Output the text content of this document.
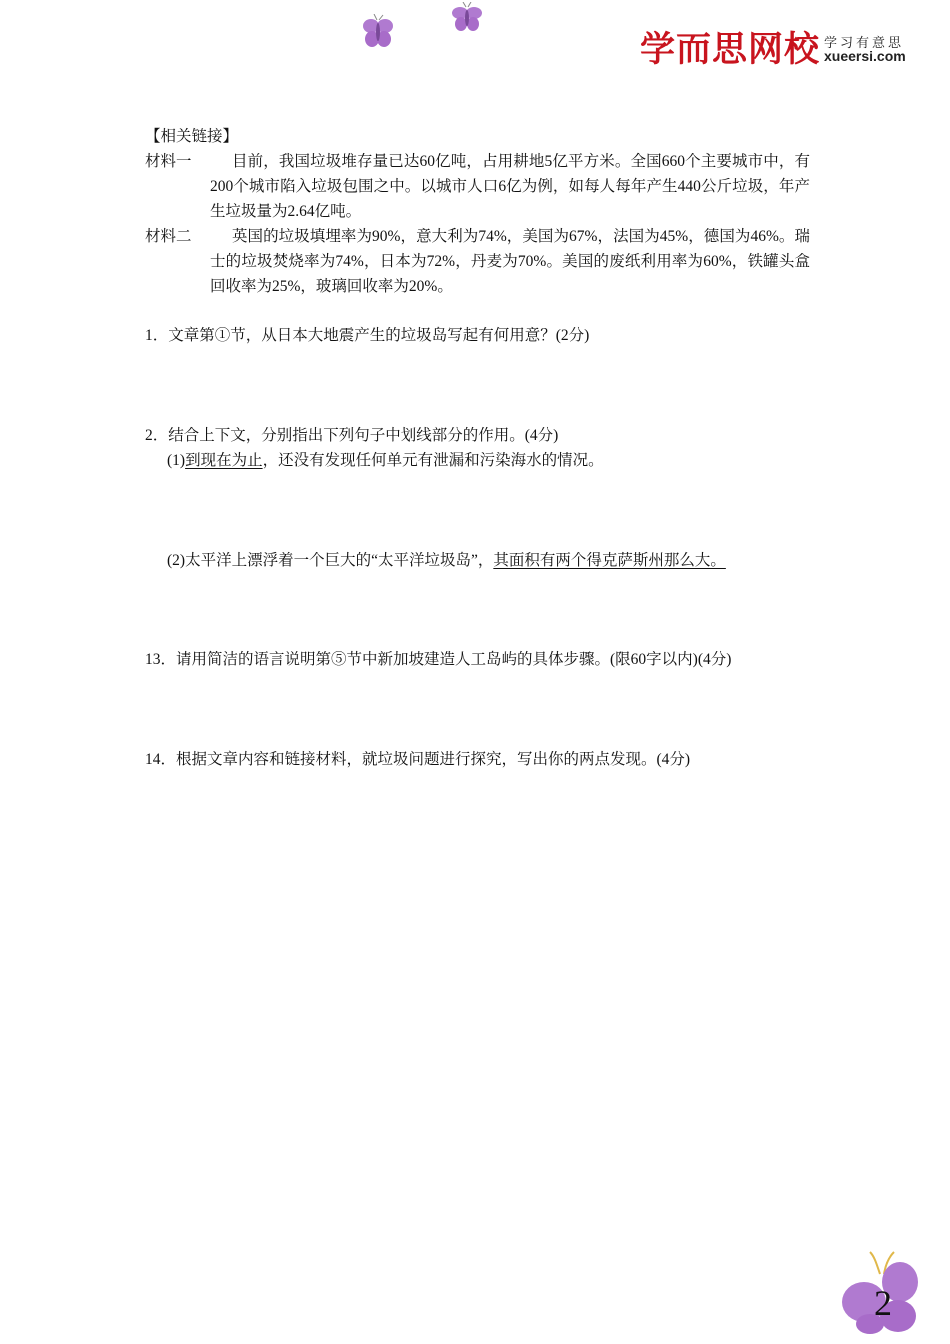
学而思网校 学习有意思
xueersi.com

【相关链接】

材料一	目前，我国垃圾堆存量已达60亿吨，占用耕地5亿平方米。全国660个主要城市中，有200个城市陷入垃圾包围之中。以城市人口6亿为例，如每人每年产生440公斤垃圾，年产生垃圾量为2.64亿吨。
材料二	英国的垃圾填埋率为90%，意大利为74%，美国为67%，法国为45%，德国为46%。瑞士的垃圾焚烧率为74%，日本为72%，丹麦为70%。美国的废纸利用率为60%，铁罐头盒回收率为25%，玻璃回收率为20%。

1．文章第①节，从日本大地震产生的垃圾岛写起有何用意？(2分)

2．结合上下文，分别指出下列句子中划线部分的作用。(4分)

(1)到现在为止，还没有发现任何单元有泄漏和污染海水的情况。

(2)太平洋上漂浮着一个巨大的“太平洋垃圾岛”，其面积有两个得克萨斯州那么大。

13．请用简洁的语言说明第⑤节中新加坡建造人工岛屿的具体步骤。(限60字以内)(4分)

14．根据文章内容和链接材料，就垃圾问题进行探究，写出你的两点发现。(4分)

2
